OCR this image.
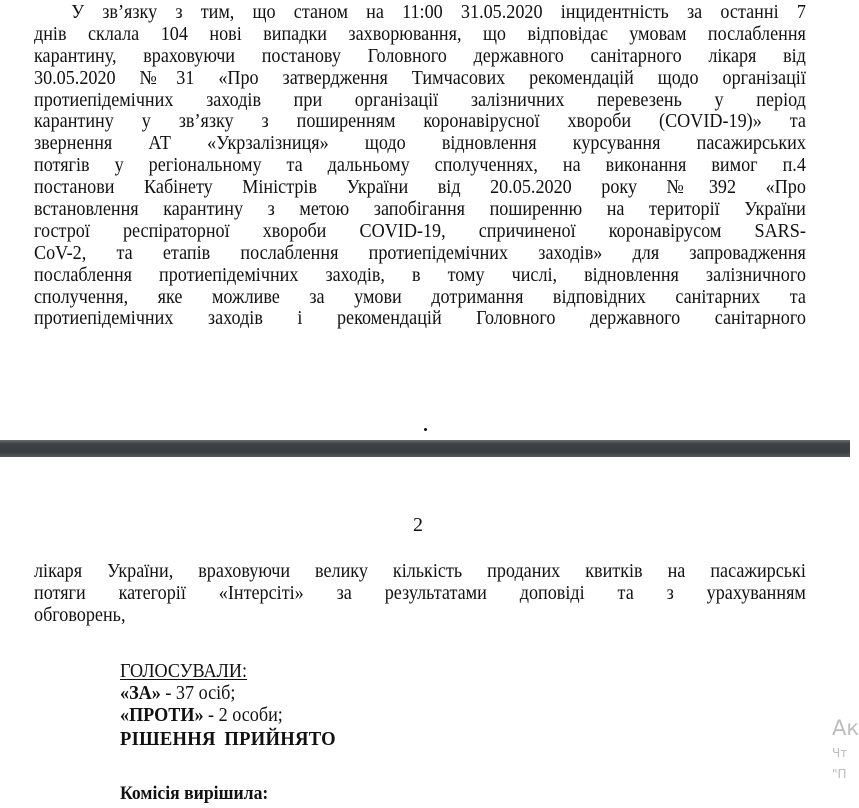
У зв’язку з тим, що станом на 11:00 31.05.2020 інцидентність за останні 7
днів склала 104 нові випадки захворювання, що відповідає умовам послаблення
карантину, враховуючи постанову Головного державного санітарного лікаря від
30.05.2020 №31 «Про затвердження Тимчасових рекомендацій щодо організації
протиепідемічних заходів при організації залізничних перевезень у період
карантину у зв’язку з поширенням коронавірусної хвороби (COVID-19)» та
звернення АТ «Укрзалізниця» щодо відновлення курсування пасажирських
потягів у регіональному та дальньому сполученнях, на виконання вимог п.4
постанови Кабінету Міністрів України від 20.05.2020 року №392 «Про
встановлення карантину з метою запобігання поширенню на території України
гострої респіраторної хвороби COVID-19, спричиненої коронавірусом SARS-
CoV-2, та етапів послаблення протиепідемічних заходів» для запровадження
послаблення протиепідемічних заходів, в тому числі, відновлення залізничного
сполучення, яке можливе за умови дотримання відповідних санітарних та
протиепідемічних заходів і рекомендацій Головного державного санітарного
2
лікаря України, враховуючи велику кількість проданих квитків на пасажирські
потяги категорії «Інтерсіті» за результатами доповіді та з урахуванням
обговорень,
ГОЛОСУВАЛИ:
«ЗА» - 37 осіб;
«ПРОТИ» - 2 особи;
РІШЕННЯ ПРИЙНЯТО
Комісія вирішила:
Ак
Чт
"П
